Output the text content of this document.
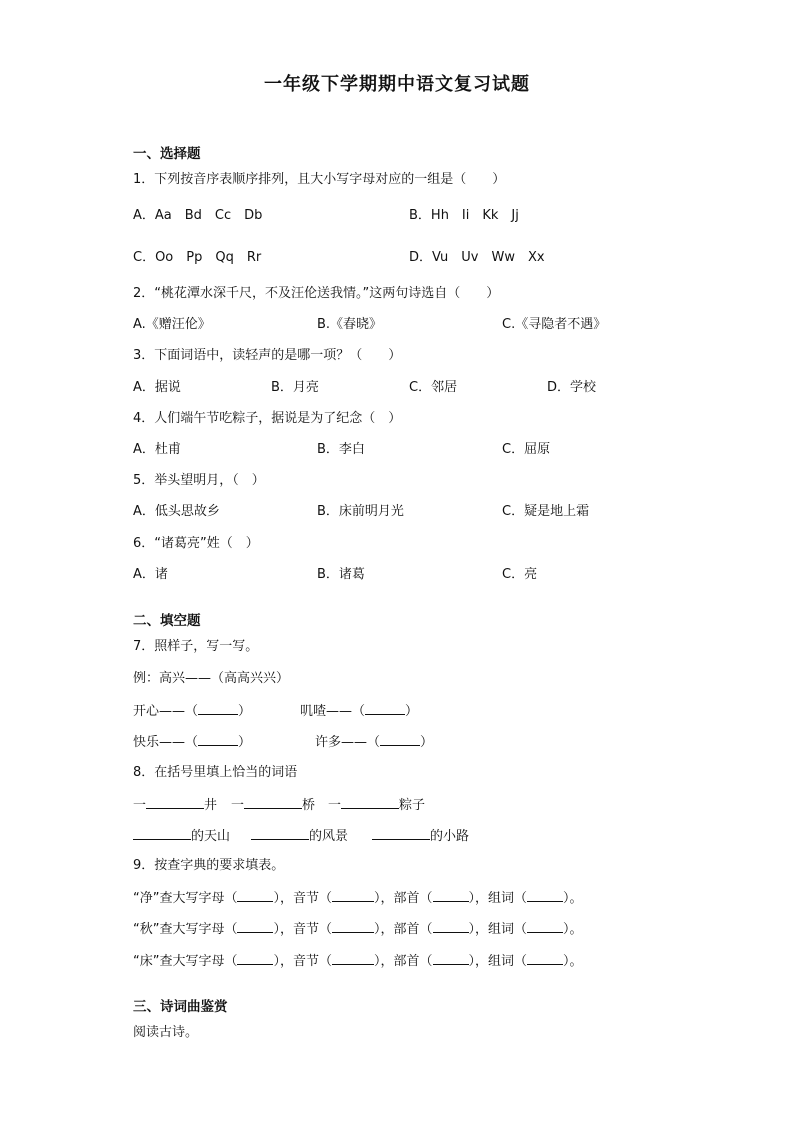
一年级下学期期中语文复习试题
一、选择题
1．下列按音序表顺序排列，且大小写字母对应的一组是（　　）
A．Aa　Bd　Cc　Db	B．Hh　Ii　Kk　Jj
C．Oo　Pp　Qq　Rr	D．Vu　Uv　Ww　Xx
2．“桃花潭水深千尺，不及汪伦送我情。”这两句诗选自（　　）
A.《赠汪伦》	B.《春晓》	C.《寻隐者不遇》
3．下面词语中，读轻声的是哪一项？（　　）
A．据说	B．月亮	C．邻居	D．学校
4．人们端午节吃粽子，据说是为了纪念（　）
A．杜甫	B．李白	C．屈原
5．举头望明月，（　）
A．低头思故乡	B．床前明月光	C．疑是地上霜
6．“诸葛亮”姓（　）
A．诸	B．诸葛	C．亮
二、填空题
7．照样子，写一写。
例：高兴——（高高兴兴）
开心——（	）	叽喳——（	）
快乐——（	）	许多——（	）
8．在括号里填上恰当的词语
一	井 一	桥 一	粽子
的天山	的风景	的小路
9．按查字典的要求填表。
“净”查大写字母（	），音节（	），部首（	），组词（	）。
“秋”查大写字母（	），音节（	），部首（	），组词（	）。
“床”查大写字母（	），音节（	），部首（	），组词（	）。
三、诗词曲鉴赏
阅读古诗。
